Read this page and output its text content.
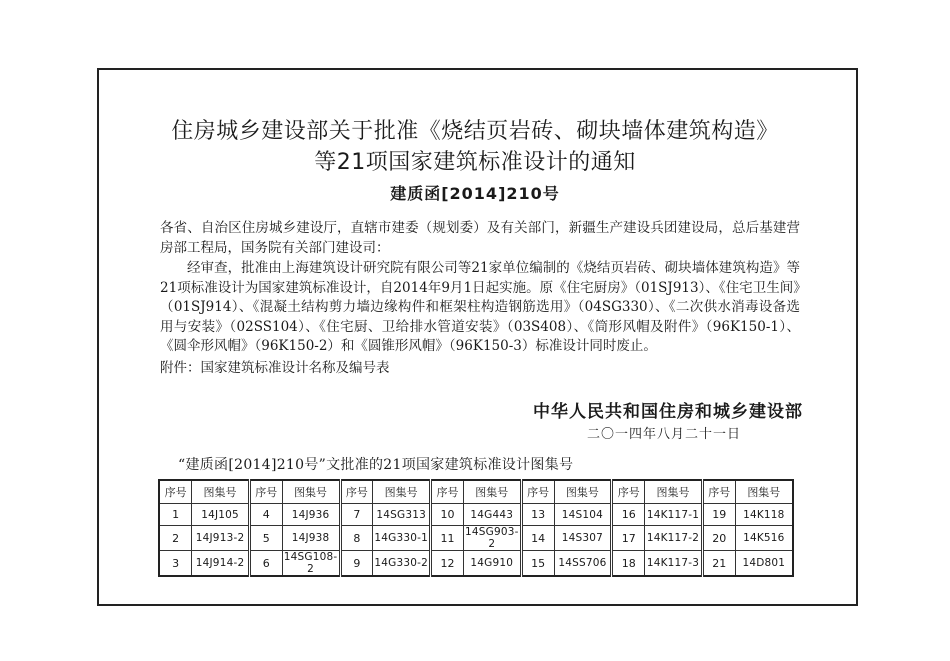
住房城乡建设部关于批准《烧结页岩砖、砌块墙体建筑构造》
等21项国家建筑标准设计的通知
建质函[2014]210号

各省、自治区住房城乡建设厅，直辖市建委（规划委）及有关部门，新疆生产建设兵团建设局，总后基建营房部工程局，国务院有关部门建设司：

经审查，批准由上海建筑设计研究院有限公司等21家单位编制的《烧结页岩砖、砌块墙体建筑构造》等21项标准设计为国家建筑标准设计，自2014年9月1日起实施。原《住宅厨房》（01SJ913）、《住宅卫生间》（01SJ914）、《混凝土结构剪力墙边缘构件和框架柱构造钢筋选用》（04SG330）、《二次供水消毒设备选用与安装》（02SS104）、《住宅厨、卫给排水管道安装》（03S408）、《筒形风帽及附件》（96K150-1）、《圆伞形风帽》（96K150-2）和《圆锥形风帽》（96K150-3）标准设计同时废止。

附件：国家建筑标准设计名称及编号表

中华人民共和国住房和城乡建设部
二〇一四年八月二十一日
“建质函[2014]210号”文批准的21项国家建筑标准设计图集号
序号	图集号	序号	图集号	序号	图集号	序号	图集号	序号	图集号	序号	图集号	序号	图集号
1	14J105	4	14J936	7	14SG313	10	14G443	13	14S104	16	14K117-1	19	14K118
2	14J913-2	5	14J938	8	14G330-1	11	14SG903-2	14	14S307	17	14K117-2	20	14K516
3	14J914-2	6	14SG108-2	9	14G330-2	12	14G910	15	14SS706	18	14K117-3	21	14D801
